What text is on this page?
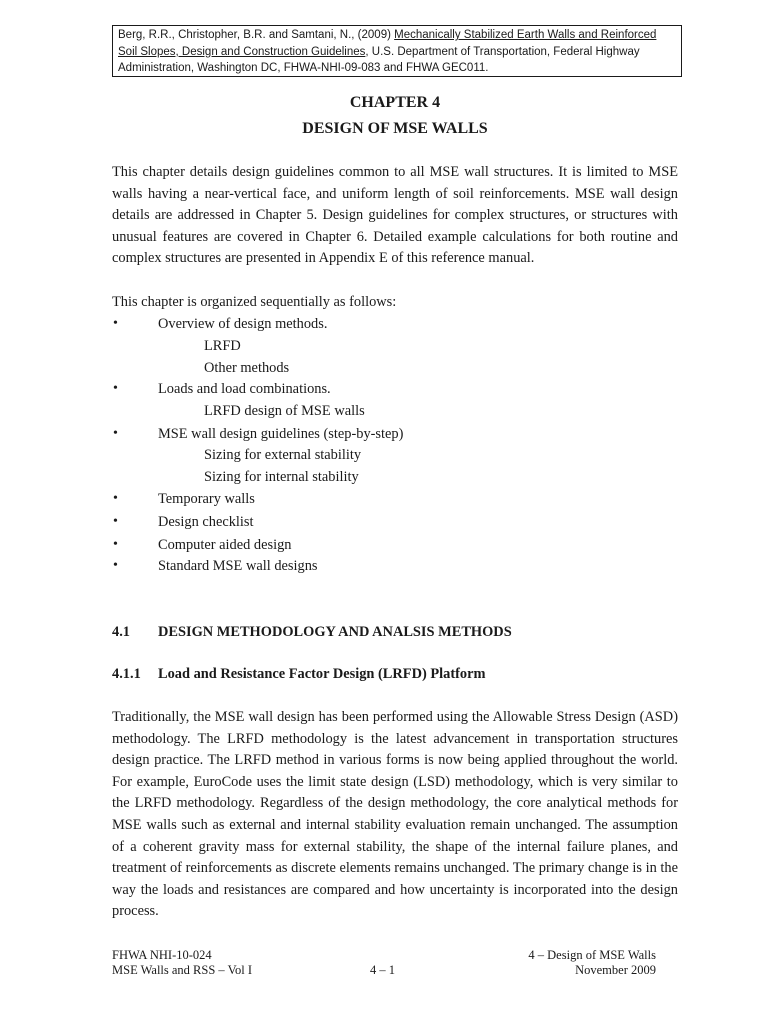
Berg, R.R., Christopher, B.R. and Samtani, N., (2009) Mechanically Stabilized Earth Walls and Reinforced Soil Slopes, Design and Construction Guidelines, U.S. Department of Transportation, Federal Highway Administration, Washington DC, FHWA-NHI-09-083 and FHWA GEC011.
CHAPTER 4
DESIGN OF MSE WALLS
This chapter details design guidelines common to all MSE wall structures. It is limited to MSE walls having a near-vertical face, and uniform length of soil reinforcements. MSE wall design details are addressed in Chapter 5. Design guidelines for complex structures, or structures with unusual features are covered in Chapter 6. Detailed example calculations for both routine and complex structures are presented in Appendix E of this reference manual.
This chapter is organized sequentially as follows:
•	Overview of design methods.
LRFD
Other methods
•	Loads and load combinations.
LRFD design of MSE walls
•	MSE wall design guidelines (step-by-step)
Sizing for external stability
Sizing for internal stability
•	Temporary walls
•	Design checklist
•	Computer aided design
•	Standard MSE wall designs
4.1 DESIGN METHODOLOGY AND ANALSIS METHODS
4.1.1 Load and Resistance Factor Design (LRFD) Platform
Traditionally, the MSE wall design has been performed using the Allowable Stress Design (ASD) methodology. The LRFD methodology is the latest advancement in transportation structures design practice. The LRFD method in various forms is now being applied throughout the world. For example, EuroCode uses the limit state design (LSD) methodology, which is very similar to the LRFD methodology. Regardless of the design methodology, the core analytical methods for MSE walls such as external and internal stability evaluation remain unchanged. The assumption of a coherent gravity mass for external stability, the shape of the internal failure planes, and treatment of reinforcements as discrete elements remains unchanged. The primary change is in the way the loads and resistances are compared and how uncertainty is incorporated into the design process.
FHWA NHI-10-024
MSE Walls and RSS – Vol I	4 – 1
4 – Design of MSE Walls
November 2009
